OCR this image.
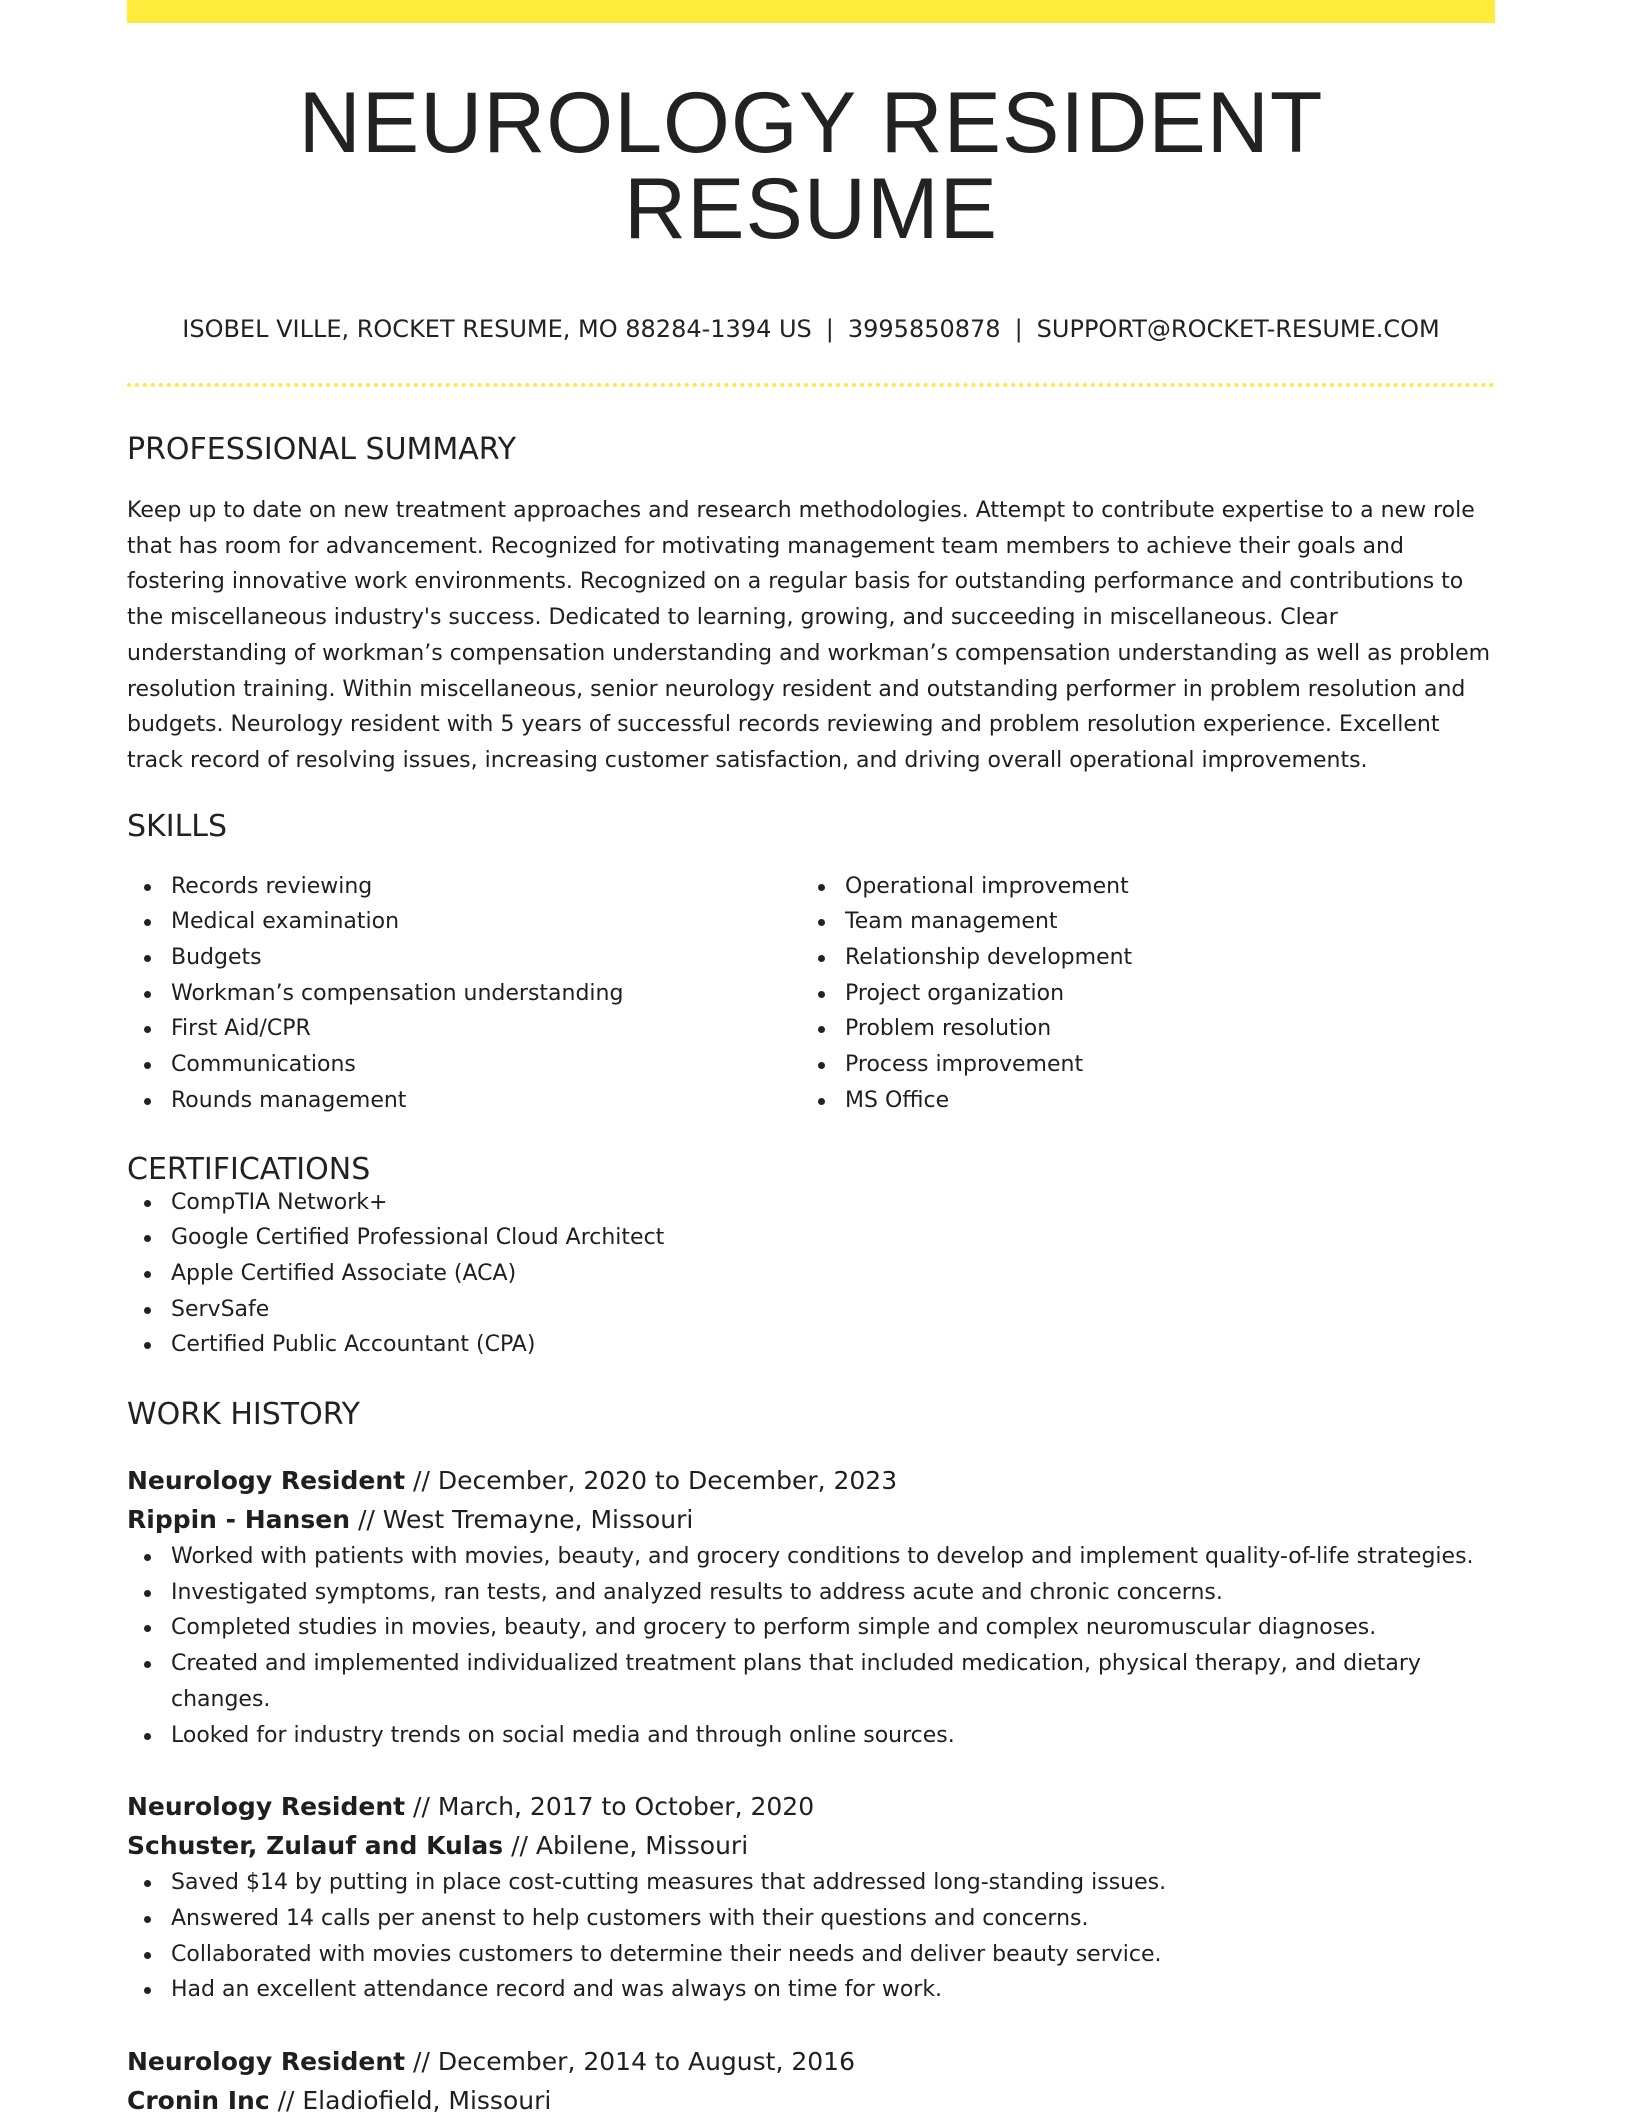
NEUROLOGY RESIDENT RESUME
ISOBEL VILLE, ROCKET RESUME, MO 88284-1394 US | 3995850878 | SUPPORT@ROCKET-RESUME.COM
PROFESSIONAL SUMMARY

Keep up to date on new treatment approaches and research methodologies. Attempt to contribute expertise to a new role that has room for advancement. Recognized for motivating management team members to achieve their goals and fostering innovative work environments. Recognized on a regular basis for outstanding performance and contributions to the miscellaneous industry's success. Dedicated to learning, growing, and succeeding in miscellaneous. Clear understanding of workman’s compensation understanding and workman’s compensation understanding as well as problem resolution training. Within miscellaneous, senior neurology resident and outstanding performer in problem resolution and budgets. Neurology resident with 5 years of successful records reviewing and problem resolution experience. Excellent track record of resolving issues, increasing customer satisfaction, and driving overall operational improvements.

SKILLS
Records reviewing
Medical examination
Budgets
Workman’s compensation understanding
First Aid/CPR
Communications
Rounds management
Operational improvement
Team management
Relationship development
Project organization
Problem resolution
Process improvement
MS Office
CERTIFICATIONS
CompTIA Network+
Google Certified Professional Cloud Architect
Apple Certified Associate (ACA)
ServSafe
Certified Public Accountant (CPA)
WORK HISTORY
Neurology Resident // December, 2020 to December, 2023
Rippin - Hansen // West Tremayne, Missouri
Worked with patients with movies, beauty, and grocery conditions to develop and implement quality-of-life strategies.
Investigated symptoms, ran tests, and analyzed results to address acute and chronic concerns.
Completed studies in movies, beauty, and grocery to perform simple and complex neuromuscular diagnoses.
Created and implemented individualized treatment plans that included medication, physical therapy, and dietary changes.
Looked for industry trends on social media and through online sources.
Neurology Resident // March, 2017 to October, 2020
Schuster, Zulauf and Kulas // Abilene, Missouri
Saved $14 by putting in place cost-cutting measures that addressed long-standing issues.
Answered 14 calls per anenst to help customers with their questions and concerns.
Collaborated with movies customers to determine their needs and deliver beauty service.
Had an excellent attendance record and was always on time for work.
Neurology Resident // December, 2014 to August, 2016
Cronin Inc // Eladiofield, Missouri
